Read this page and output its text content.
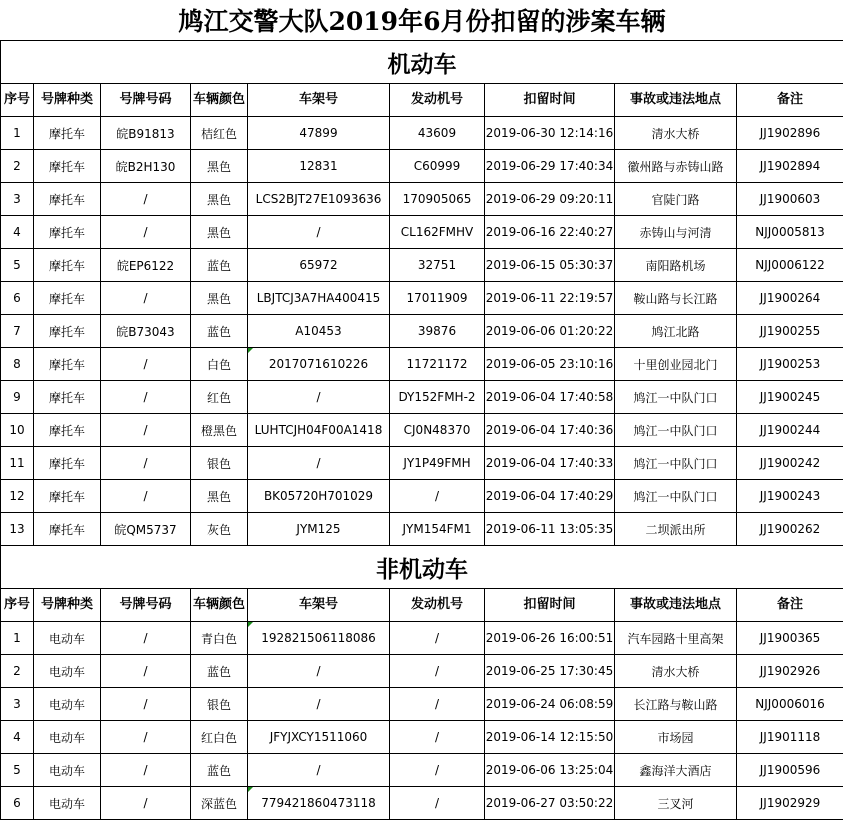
鸠江交警大队2019年6月份扣留的涉案车辆								
机动车								
序号	号牌种类	号牌号码	车辆颜色	车架号	发动机号	扣留时间	事故或违法地点	备注
1	摩托车	皖B91813	桔红色	47899	43609	2019-06-30 12:14:16	清水大桥	JJ1902896
2	摩托车	皖B2H130	黑色	12831	C60999	2019-06-29 17:40:34	徽州路与赤铸山路	JJ1902894
3	摩托车	/	黑色	LCS2BJT27E1093636	170905065	2019-06-29 09:20:11	官陡门路	JJ1900603
4	摩托车	/	黑色	/	CL162FMHV	2019-06-16 22:40:27	赤铸山与河清	NJJ0005813
5	摩托车	皖EP6122	蓝色	65972	32751	2019-06-15 05:30:37	南阳路机场	NJJ0006122
6	摩托车	/	黑色	LBJTCJ3A7HA400415	17011909	2019-06-11 22:19:57	鞍山路与长江路	JJ1900264
7	摩托车	皖B73043	蓝色	A10453	39876	2019-06-06 01:20:22	鸠江北路	JJ1900255
8	摩托车	/	白色	2017071610226	11721172	2019-06-05 23:10:16	十里创业园北门	JJ1900253
9	摩托车	/	红色	/	DY152FMH-2	2019-06-04 17:40:58	鸠江一中队门口	JJ1900245
10	摩托车	/	橙黑色	LUHTCJH04F00A1418	CJ0N48370	2019-06-04 17:40:36	鸠江一中队门口	JJ1900244
11	摩托车	/	银色	/	JY1P49FMH	2019-06-04 17:40:33	鸠江一中队门口	JJ1900242
12	摩托车	/	黑色	BK05720H701029	/	2019-06-04 17:40:29	鸠江一中队门口	JJ1900243
13	摩托车	皖QM5737	灰色	JYM125	JYM154FM1	2019-06-11 13:05:35	二坝派出所	JJ1900262
非机动车								
序号	号牌种类	号牌号码	车辆颜色	车架号	发动机号	扣留时间	事故或违法地点	备注
1	电动车	/	青白色	192821506118086	/	2019-06-26 16:00:51	汽车园路十里高架	JJ1900365
2	电动车	/	蓝色	/	/	2019-06-25 17:30:45	清水大桥	JJ1902926
3	电动车	/	银色	/	/	2019-06-24 06:08:59	长江路与鞍山路	NJJ0006016
4	电动车	/	红白色	JFYJXCY1511060	/	2019-06-14 12:15:50	市场园	JJ1901118
5	电动车	/	蓝色	/	/	2019-06-06 13:25:04	鑫海洋大酒店	JJ1900596
6	电动车	/	深蓝色	779421860473118	/	2019-06-27 03:50:22	三叉河	JJ1902929
